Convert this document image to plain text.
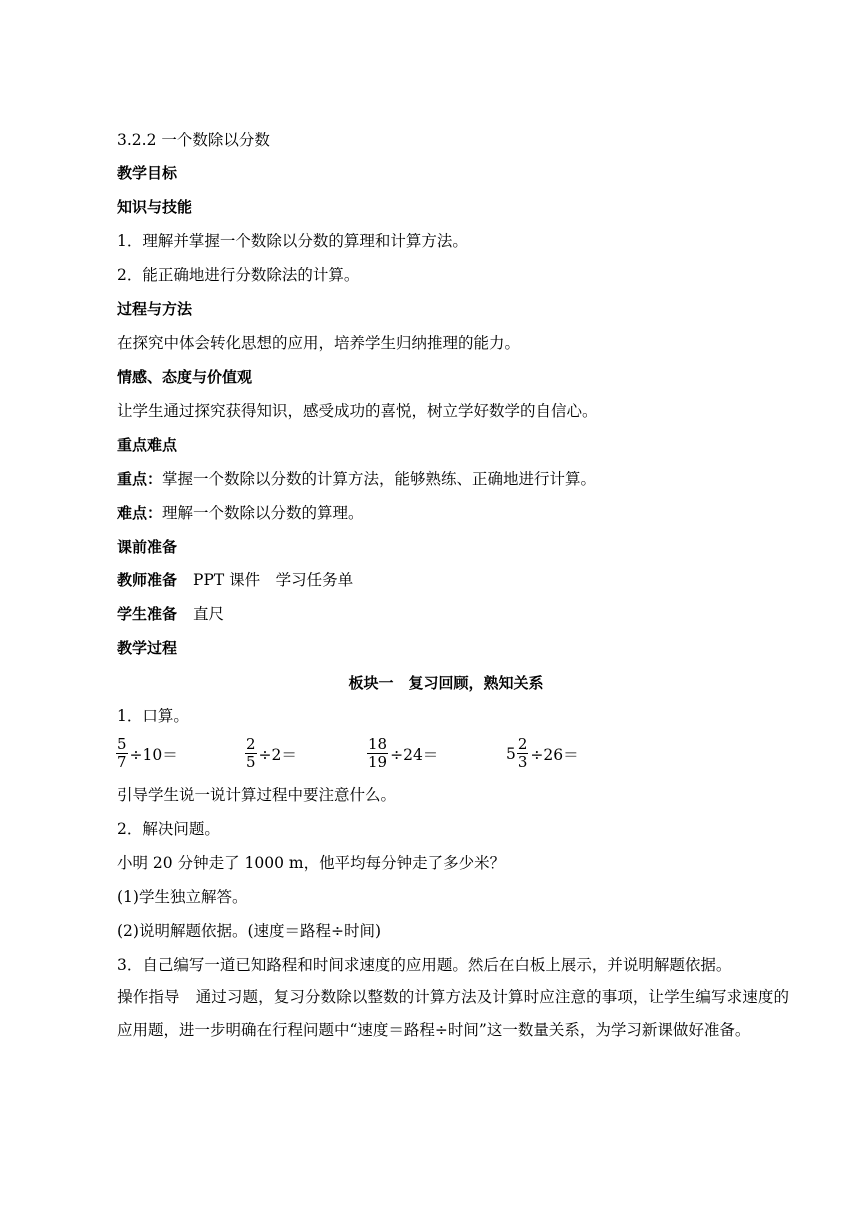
3.2.2 一个数除以分数
教学目标
知识与技能
1．理解并掌握一个数除以分数的算理和计算方法。
2．能正确地进行分数除法的计算。
过程与方法
在探究中体会转化思想的应用，培养学生归纳推理的能力。
情感、态度与价值观
让学生通过探究获得知识，感受成功的喜悦，树立学好数学的自信心。
重点难点
重点：掌握一个数除以分数的计算方法，能够熟练、正确地进行计算。
难点：理解一个数除以分数的算理。
课前准备
教师准备 PPT 课件　学习任务单
学生准备 直尺
教学过程
板块一　复习回顾，熟知关系
1．口算。
$\frac{5}{7} \div 10=$	$\frac{2}{5} \div 2=$	$\frac{18}{19} \div 24=$	$5 \frac{2}{3} \div 26=$
引导学生说一说计算过程中要注意什么。
2．解决问题。
小明 20 分钟走了 1000 m，他平均每分钟走了多少米？
(1)学生独立解答。
(2)说明解题依据。(速度＝路程÷时间)
3．自己编写一道已知路程和时间求速度的应用题。然后在白板上展示，并说明解题依据。
操作指导 通过习题，复习分数除以整数的计算方法及计算时应注意的事项，让学生编写求速度的应用题，进一步明确在行程问题中“速度＝路程÷时间”这一数量关系，为学习新课做好准备。
